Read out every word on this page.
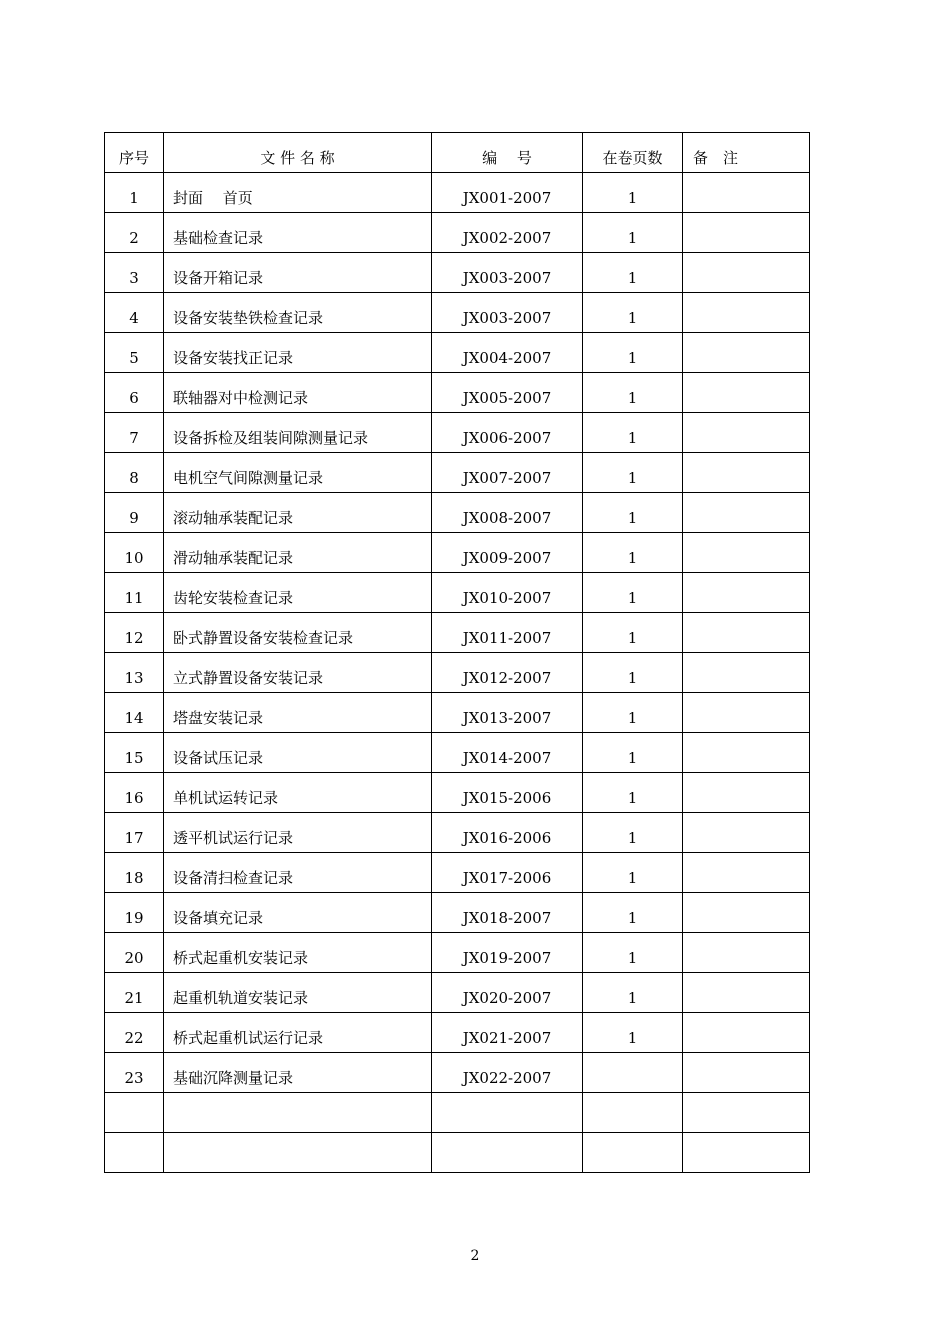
序号	文 件 名 称	编　 号	在卷页数	备　注
1	封面　 首页	JX001-2007	1	
2	基础检查记录	JX002-2007	1	
3	设备开箱记录	JX003-2007	1	
4	设备安装垫铁检查记录	JX003-2007	1	
5	设备安装找正记录	JX004-2007	1	
6	联轴器对中检测记录	JX005-2007	1	
7	设备拆检及组装间隙测量记录	JX006-2007	1	
8	电机空气间隙测量记录	JX007-2007	1	
9	滚动轴承装配记录	JX008-2007	1	
10	滑动轴承装配记录	JX009-2007	1	
11	齿轮安装检查记录	JX010-2007	1	
12	卧式静置设备安装检查记录	JX011-2007	1	
13	立式静置设备安装记录	JX012-2007	1	
14	塔盘安装记录	JX013-2007	1	
15	设备试压记录	JX014-2007	1	
16	单机试运转记录	JX015-2006	1	
17	透平机试运行记录	JX016-2006	1	
18	设备清扫检查记录	JX017-2006	1	
19	设备填充记录	JX018-2007	1	
20	桥式起重机安装记录	JX019-2007	1	
21	起重机轨道安装记录	JX020-2007	1	
22	桥式起重机试运行记录	JX021-2007	1	
23	基础沉降测量记录	JX022-2007		

2
